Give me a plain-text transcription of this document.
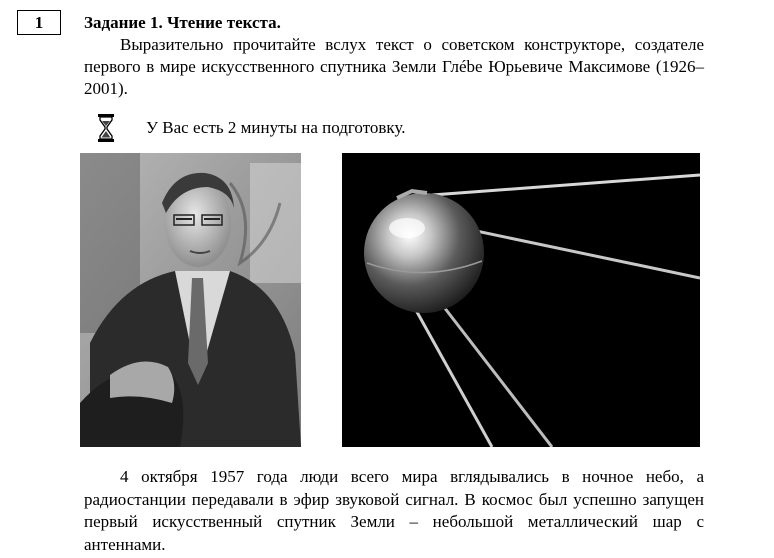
1 Задание 1. Чтение текста.

Выразительно прочитайте вслух текст о советском конструкторе, создателе первого в мире искусственного спутника Земли Глébe Юрьевиче Максимове (1926–2001).

У Вас есть 2 минуты на подготовку.

4 октября 1957 года люди всего мира вглядывались в ночное небо, а радиостанции передавали в эфир звуковой сигнал. В космос был успешно запущен первый искусственный спутник Земли – небольшой металлический шар с антеннами.
